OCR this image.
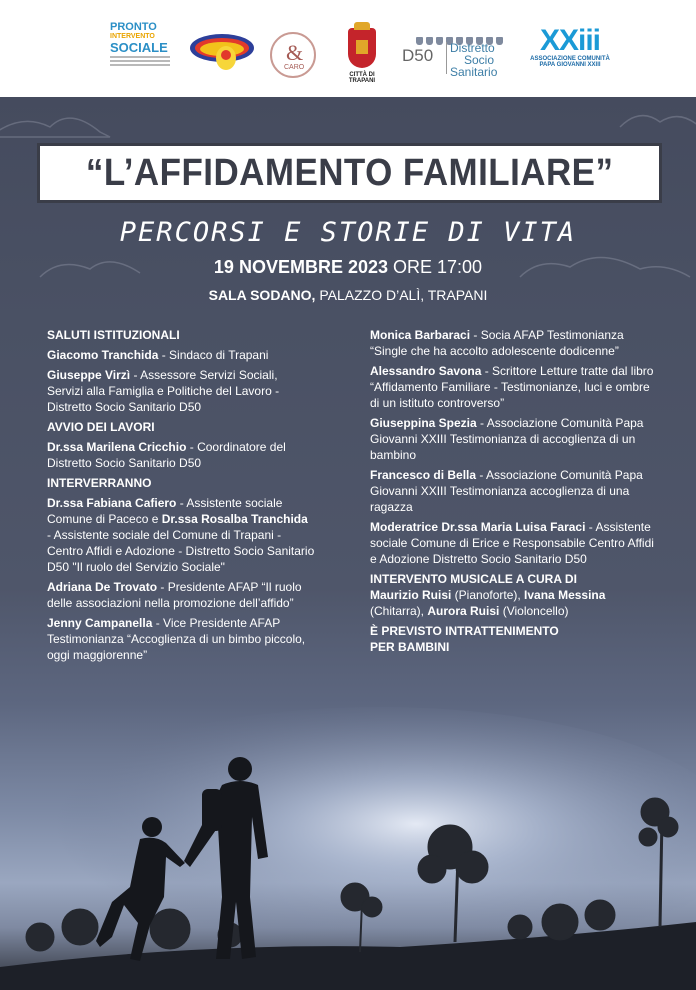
PRONTO
INTERVENTO
SOCIALE	&
CARO
CITTÀ DI TRAPANI
D50 Distretto
Socio
Sanitario
XXiii
ASSOCIAZIONE COMUNITÀ
PAPA GIOVANNI XXIII
“L’AFFIDAMENTO FAMILIARE”
PERCORSI E STORIE DI VITA
19 NOVEMBRE 2023 ORE 17:00
SALA SODANO, PALAZZO D’ALÌ, TRAPANI
SALUTI ISTITUZIONALI
Giacomo Tranchida - Sindaco di Trapani
Giuseppe Virzì - Assessore Servizi Sociali, Servizi alla Famiglia e Politiche del Lavoro - Distretto Socio Sanitario D50
AVVIO DEI LAVORI
Dr.ssa Marilena Cricchio - Coordinatore del Distretto Socio Sanitario D50
INTERVERRANNO
Dr.ssa Fabiana Cafiero - Assistente sociale Comune di Paceco e Dr.ssa Rosalba Tranchida - Assistente sociale del Comune di Trapani - Centro Affidi e Adozione - Distretto Socio Sanitario D50 "Il ruolo del Servizio Sociale"
Adriana De Trovato - Presidente AFAP “Il ruolo delle associazioni nella promozione dell’affido”
Jenny Campanella - Vice Presidente AFAP Testimonianza “Accoglienza di un bimbo piccolo, oggi maggiorenne”
Monica Barbaraci - Socia AFAP Testimonianza “Single che ha accolto adolescente dodicenne”
Alessandro Savona - Scrittore Letture tratte dal libro “Affidamento Familiare - Testimonianze, luci e ombre di un istituto controverso”
Giuseppina Spezia - Associazione Comunità Papa Giovanni XXIII Testimonianza di accoglienza di un bambino
Francesco di Bella - Associazione Comunità Papa Giovanni XXIII Testimonianza accoglienza di una ragazza
Moderatrice Dr.ssa Maria Luisa Faraci - Assistente sociale Comune di Erice e Responsabile Centro Affidi e Adozione Distretto Socio Sanitario D50
INTERVENTO MUSICALE A CURA DI
Maurizio Ruisi (Pianoforte), Ivana Messina (Chitarra), Aurora Ruisi (Violoncello)
È PREVISTO INTRATTENIMENTO
PER BAMBINI
